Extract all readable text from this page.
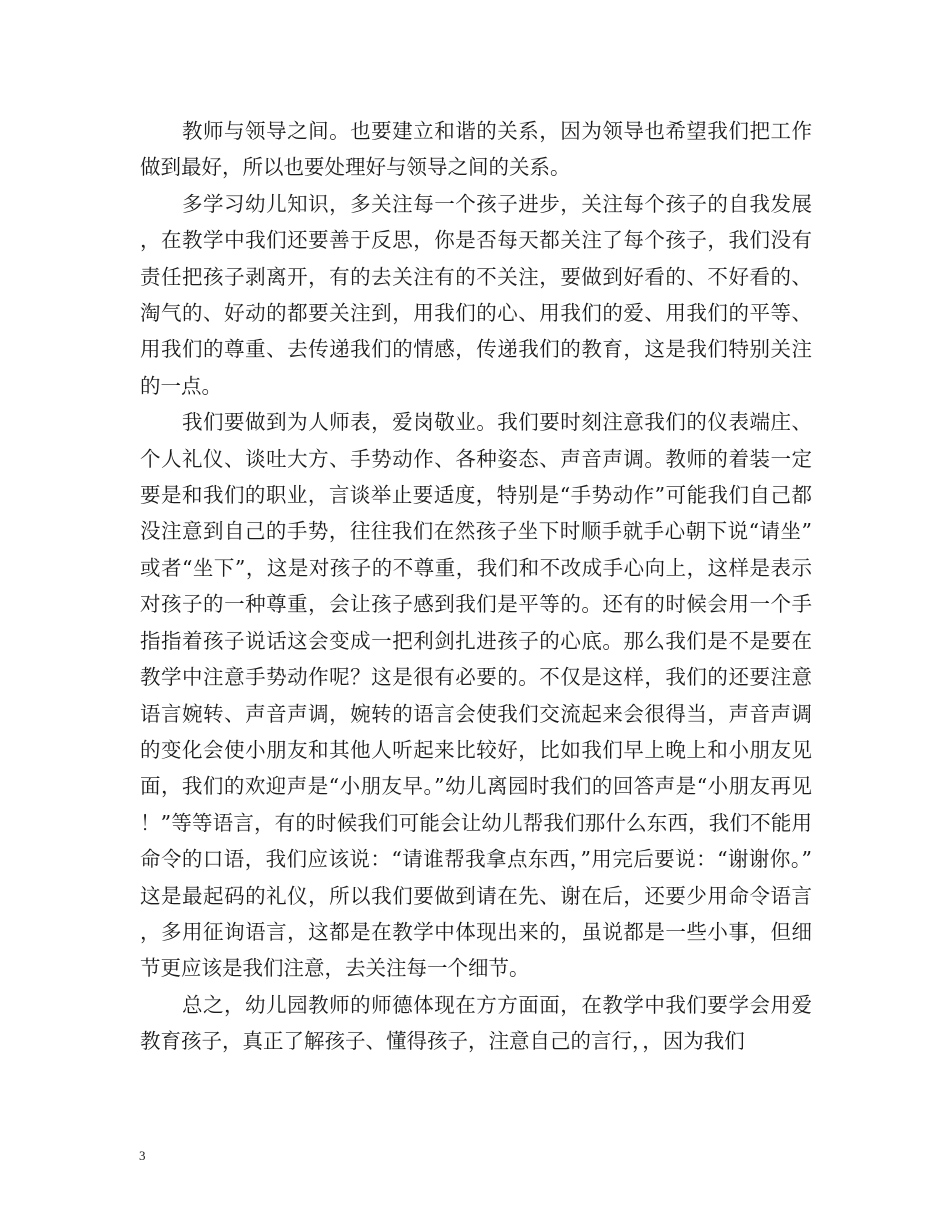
教师与领导之间。也要建立和谐的关系，因为领导也希望我们把工作做到最好，所以也要处理好与领导之间的关系。

多学习幼儿知识，多关注每一个孩子进步，关注每个孩子的自我发展，在教学中我们还要善于反思，你是否每天都关注了每个孩子，我们没有责任把孩子剥离开，有的去关注有的不关注，要做到好看的、不好看的、淘气的、好动的都要关注到，用我们的心、用我们的爱、用我们的平等、用我们的尊重、去传递我们的情感，传递我们的教育，这是我们特别关注的一点。

我们要做到为人师表，爱岗敬业。我们要时刻注意我们的仪表端庄、个人礼仪、谈吐大方、手势动作、各种姿态、声音声调。教师的着装一定要是和我们的职业，言谈举止要适度，特别是“手势动作”可能我们自己都没注意到自己的手势，往往我们在然孩子坐下时顺手就手心朝下说“请坐”或者“坐下”，这是对孩子的不尊重，我们和不改成手心向上，这样是表示对孩子的一种尊重，会让孩子感到我们是平等的。还有的时候会用一个手指指着孩子说话这会变成一把利剑扎进孩子的心底。那么我们是不是要在教学中注意手势动作呢？这是很有必要的。不仅是这样，我们的还要注意语言婉转、声音声调，婉转的语言会使我们交流起来会很得当，声音声调的变化会使小朋友和其他人听起来比较好，比如我们早上晚上和小朋友见面，我们的欢迎声是“小朋友早。”幼儿离园时我们的回答声是“小朋友再见！”等等语言，有的时候我们可能会让幼儿帮我们那什么东西，我们不能用命令的口语，我们应该说：“请谁帮我拿点东西，”用完后要说：“谢谢你。”这是最起码的礼仪，所以我们要做到请在先、谢在后，还要少用命令语言，多用征询语言，这都是在教学中体现出来的，虽说都是一些小事，但细节更应该是我们注意，去关注每一个细节。

总之，幼儿园教师的师德体现在方方面面，在教学中我们要学会用爱教育孩子，真正了解孩子、懂得孩子，注意自己的言行，，因为我们

3
